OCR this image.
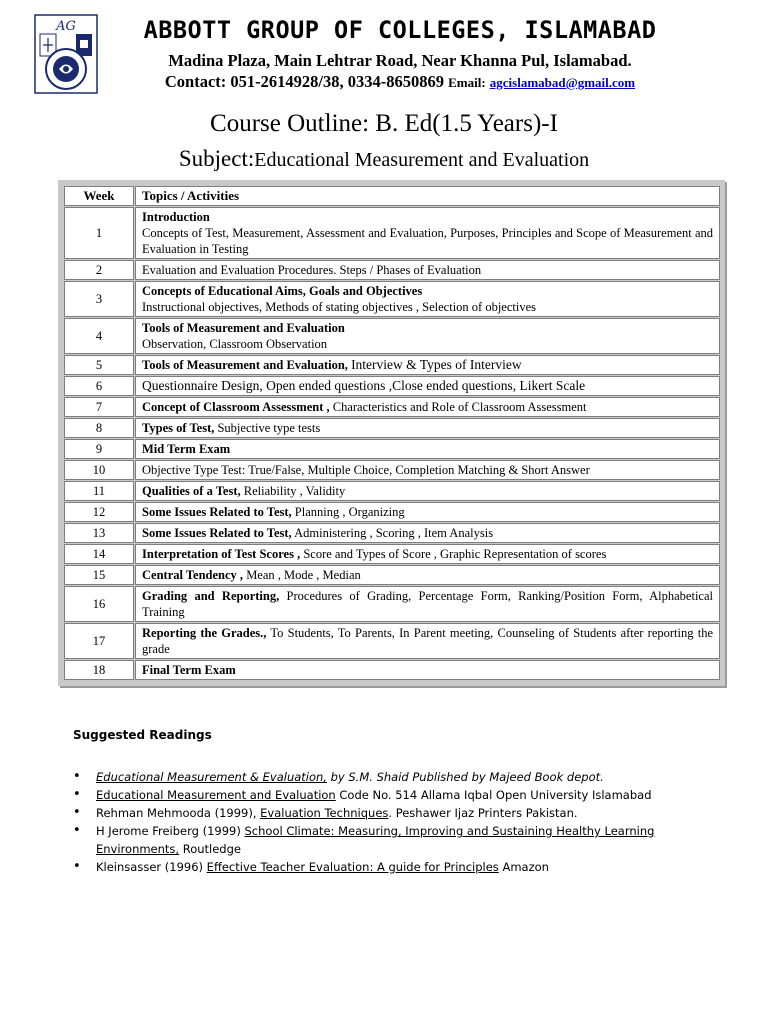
AG	ABBOTT GROUP OF COLLEGES, ISLAMABAD
Madina Plaza, Main Lehtrar Road, Near Khanna Pul, Islamabad.
Contact: 051-2614928/38, 0334-8650869 Email: agcislamabad@gmail.com
Course Outline: B. Ed(1.5 Years)-I
Subject:Educational Measurement and Evaluation
Week	Topics / Activities
1	Introduction
Concepts of Test, Measurement, Assessment and Evaluation, Purposes, Principles and Scope of Measurement and Evaluation in Testing
2	Evaluation and Evaluation Procedures. Steps / Phases of Evaluation
3	Concepts of Educational Aims, Goals and Objectives
Instructional objectives, Methods of stating objectives , Selection of objectives
4	Tools of Measurement and Evaluation
Observation, Classroom Observation
5	Tools of Measurement and Evaluation, Interview & Types of Interview
6	Questionnaire Design, Open ended questions ,Close ended questions, Likert Scale
7	Concept of Classroom Assessment , Characteristics and Role of Classroom Assessment
8	Types of Test, Subjective type tests
9	Mid Term Exam
10	Objective Type Test: True/False, Multiple Choice, Completion Matching & Short Answer
11	Qualities of a Test, Reliability , Validity
12	Some Issues Related to Test, Planning , Organizing
13	Some Issues Related to Test, Administering , Scoring , Item Analysis
14	Interpretation of Test Scores , Score and Types of Score , Graphic Representation of scores
15	Central Tendency , Mean , Mode , Median
16	Grading and Reporting, Procedures of Grading, Percentage Form, Ranking/Position Form, Alphabetical Training
17	Reporting the Grades., To Students, To Parents, In Parent meeting, Counseling of Students after reporting the grade
18	Final Term Exam
Suggested Readings
• Educational Measurement & Evaluation, by S.M. Shaid Published by Majeed Book depot.
• Educational Measurement and Evaluation Code No. 514 Allama Iqbal Open University Islamabad
• Rehman Mehmooda (1999), Evaluation Techniques. Peshawer Ijaz Printers Pakistan.
• H Jerome Freiberg (1999) School Climate: Measuring, Improving and Sustaining Healthy Learning Environments, Routledge
• Kleinsasser (1996) Effective Teacher Evaluation: A guide for Principles Amazon
